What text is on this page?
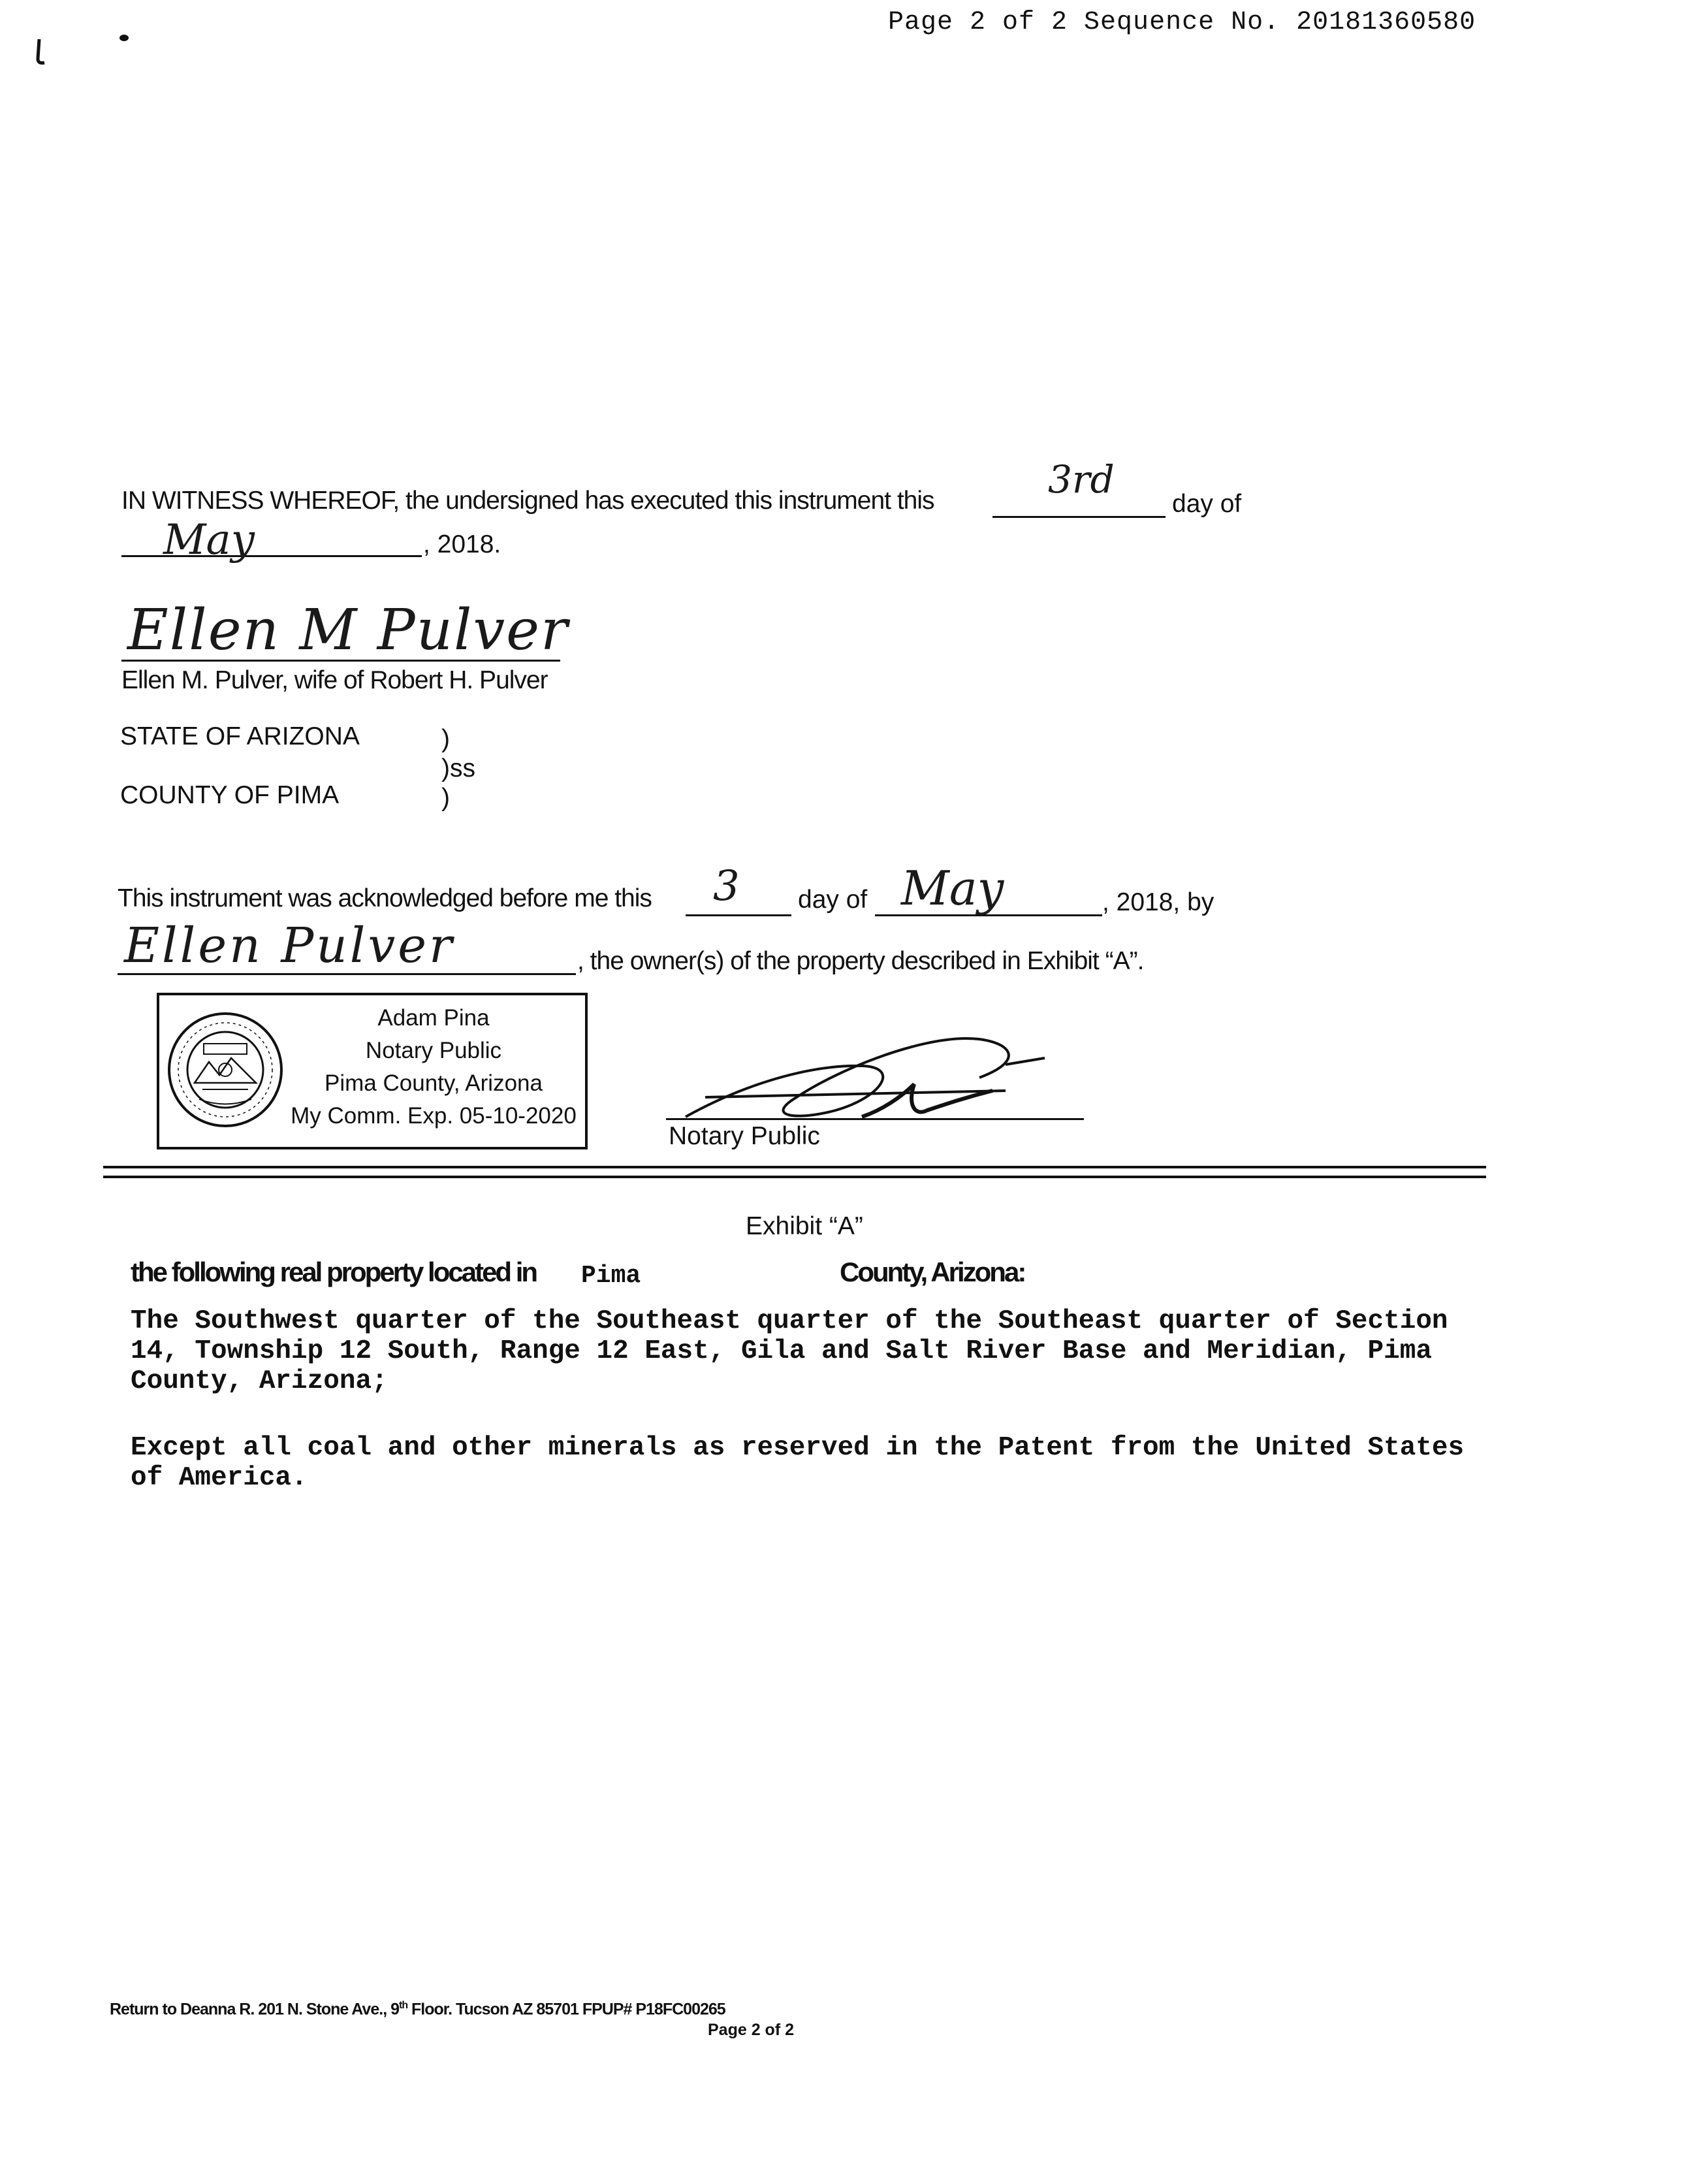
Page 2 of 2 Sequence No. 20181360580
IN WITNESS WHEREOF, the undersigned has executed this instrument this	3rd
day of
May	, 2018.
Ellen M Pulver
Ellen M. Pulver, wife of Robert H. Pulver
STATE OF ARIZONA	)
)ss
COUNTY OF PIMA	)
This instrument was acknowledged before me this 3 day of May	, 2018, by
Ellen Pulver	, the owner(s) of the property described in Exhibit “A”.
Adam Pina
Notary Public
Pima County, Arizona
My Comm. Exp. 05-10-2020
Notary Public
Exhibit “A”
the following real property located in Pima	County, Arizona:
The Southwest quarter of the Southeast quarter of the Southeast quarter of Section
14, Township 12 South, Range 12 East, Gila and Salt River Base and Meridian, Pima
County, Arizona;
Except all coal and other minerals as reserved in the Patent from the United States
of America.
Return to Deanna R. 201 N. Stone Ave., 9th Floor. Tucson AZ 85701 FPUP# P18FC00265
Page 2 of 2
